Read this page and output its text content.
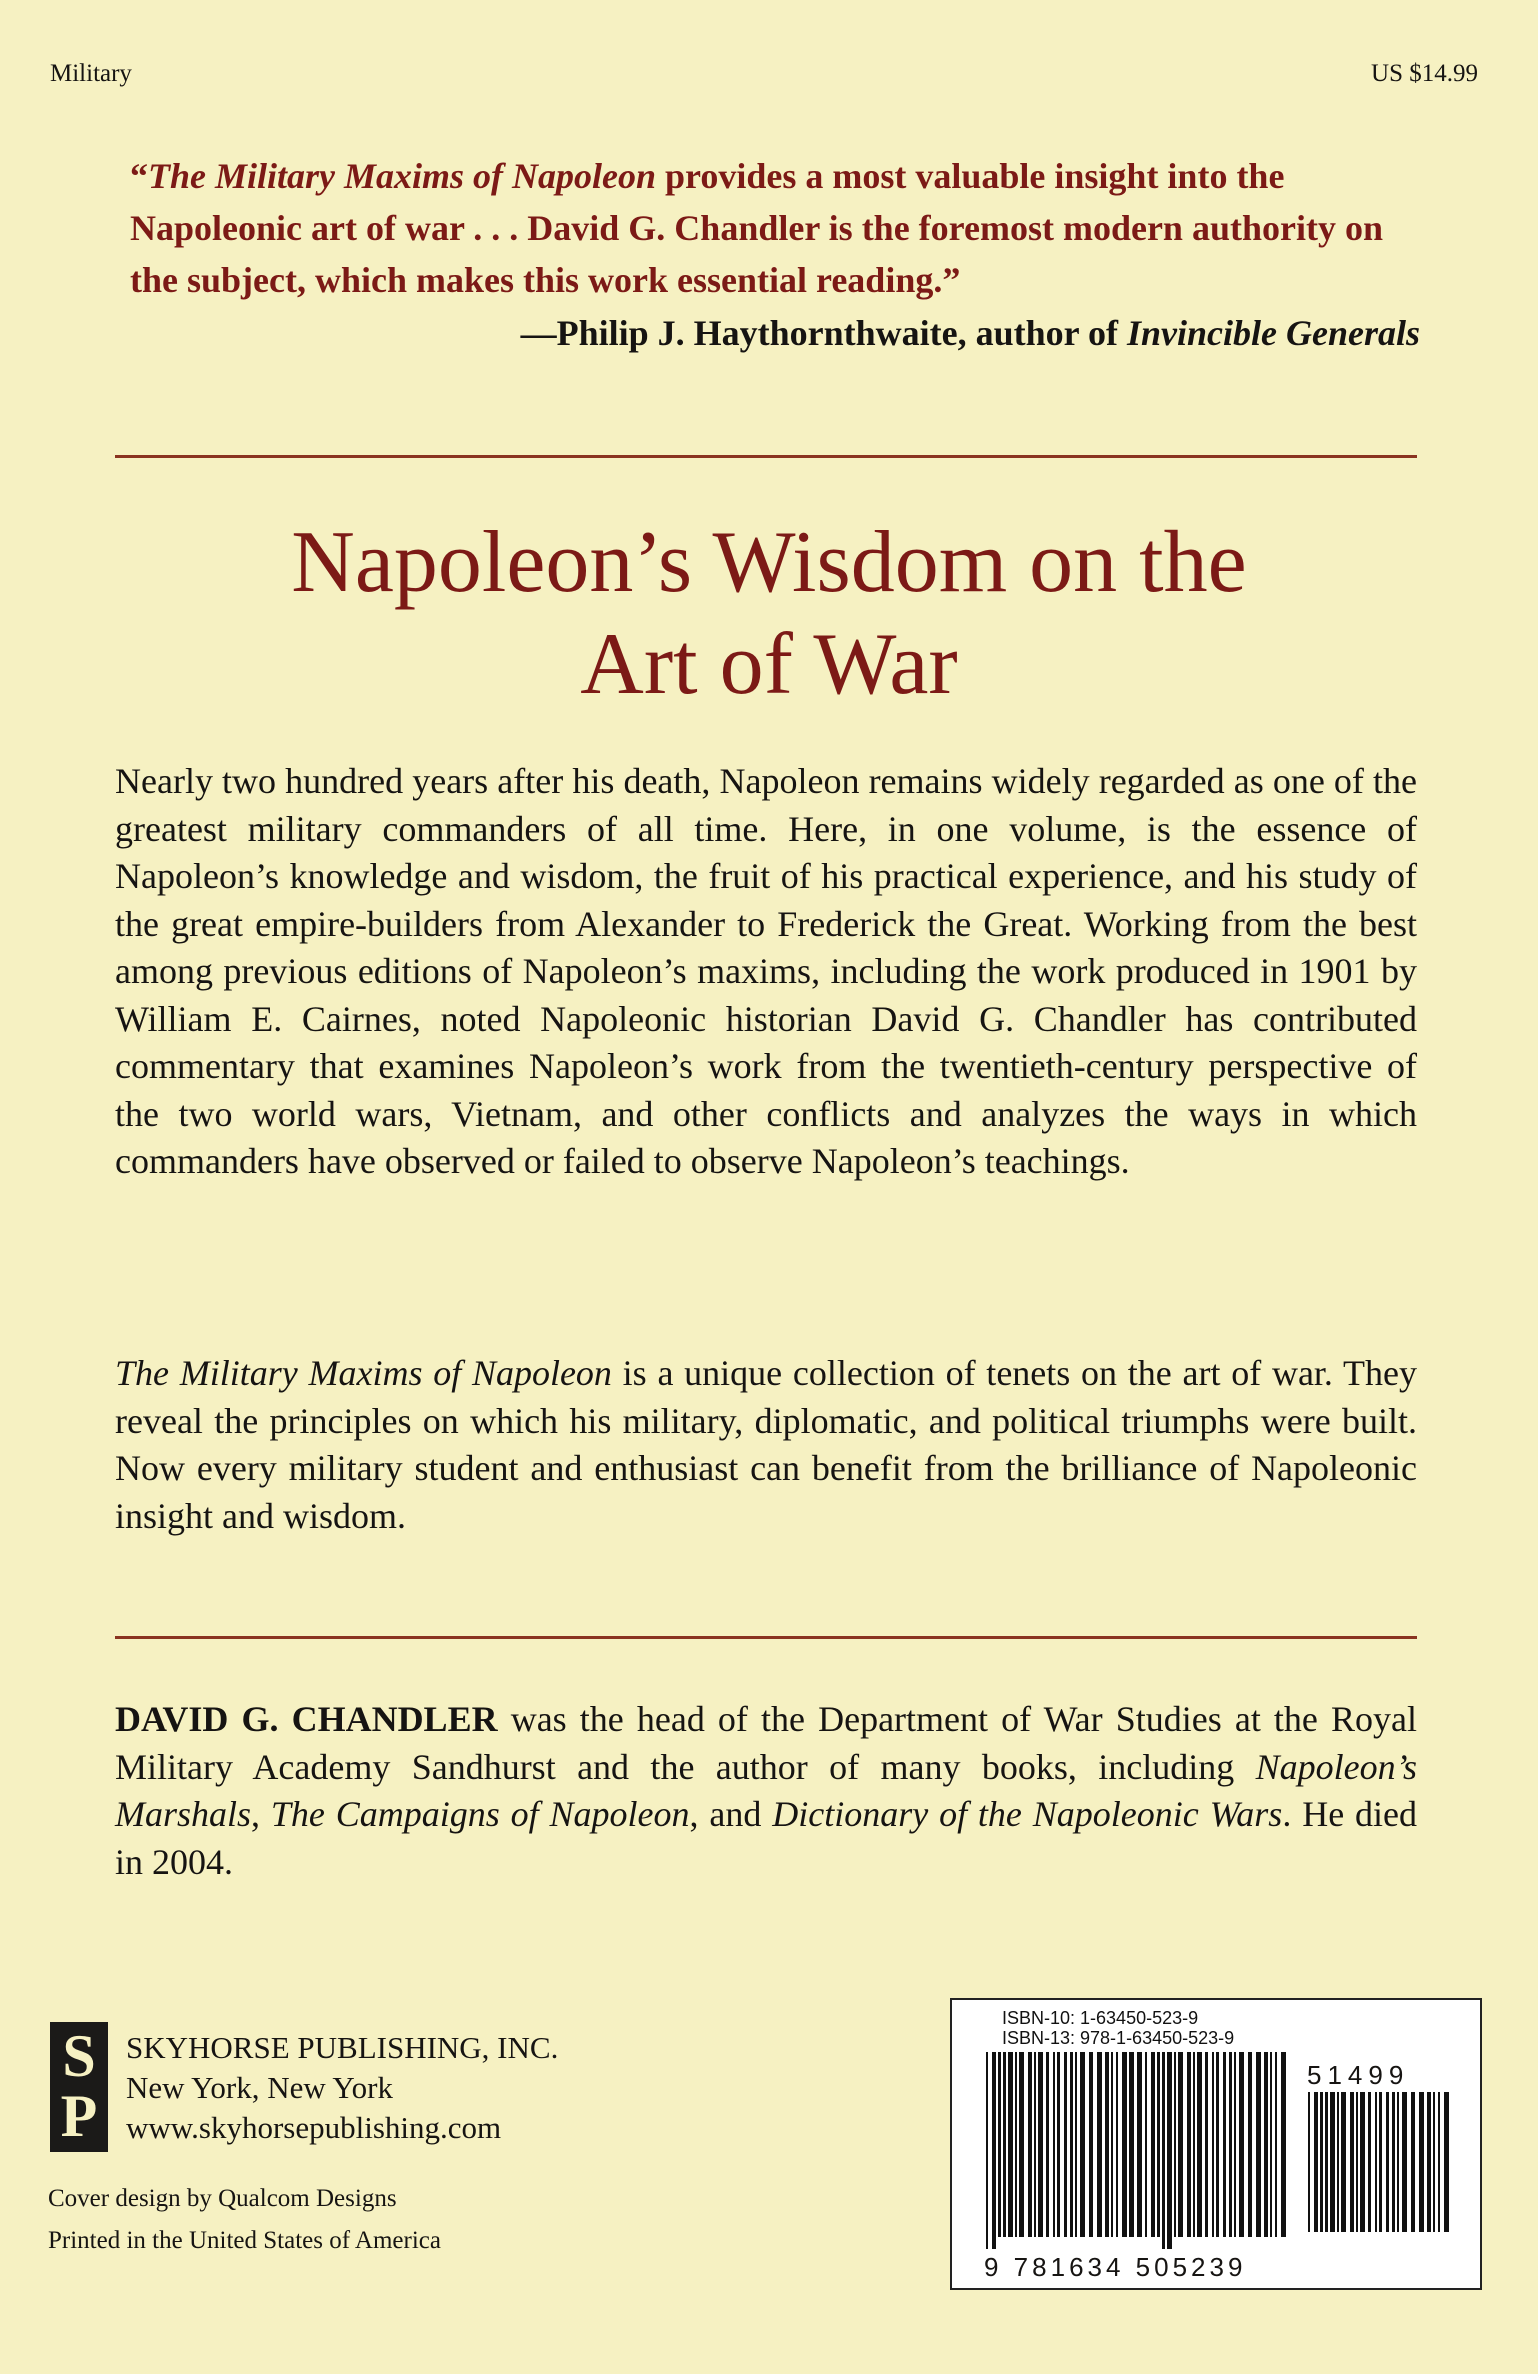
Military	US $14.99
“The Military Maxims of Napoleon provides a most valuable insight into the Napoleonic art of war . . . David G. Chandler is the foremost modern authority on the subject, which makes this work essential reading.”
—Philip J. Haythornthwaite, author of Invincible Generals
Napoleon’s Wisdom on the
Art of War
Nearly two hundred years after his death, Napoleon remains widely regarded as one of the greatest military commanders of all time. Here, in one volume, is the essence of Napoleon’s knowledge and wisdom, the fruit of his practical experience, and his study of the great empire-builders from Alexander to Frederick the Great. Working from the best among previous editions of Napoleon’s maxims, including the work produced in 1901 by William E. Cairnes, noted Napoleonic historian David G. Chandler has contributed commentary that examines Napoleon’s work from the twentieth-century perspective of the two world wars, Vietnam, and other conflicts and analyzes the ways in which commanders have observed or failed to observe Napoleon’s teachings.
The Military Maxims of Napoleon is a unique collection of tenets on the art of war. They reveal the principles on which his military, diplomatic, and political triumphs were built. Now every military student and enthusiast can benefit from the brilliance of Napoleonic insight and wisdom.
DAVID G. CHANDLER was the head of the Department of War Studies at the Royal Military Academy Sandhurst and the author of many books, including Napoleon’s Marshals, The Campaigns of Napoleon, and Dictionary of the Napoleonic Wars. He died in 2004.
S
P
SKYHORSE PUBLISHING, INC.
New York, New York
www.skyhorsepublishing.com
Cover design by Qualcom Designs
Printed in the United States of America
ISBN-10: 1-63450-523-9
ISBN-13: 978-1-63450-523-9
51499
9 781634 505239
